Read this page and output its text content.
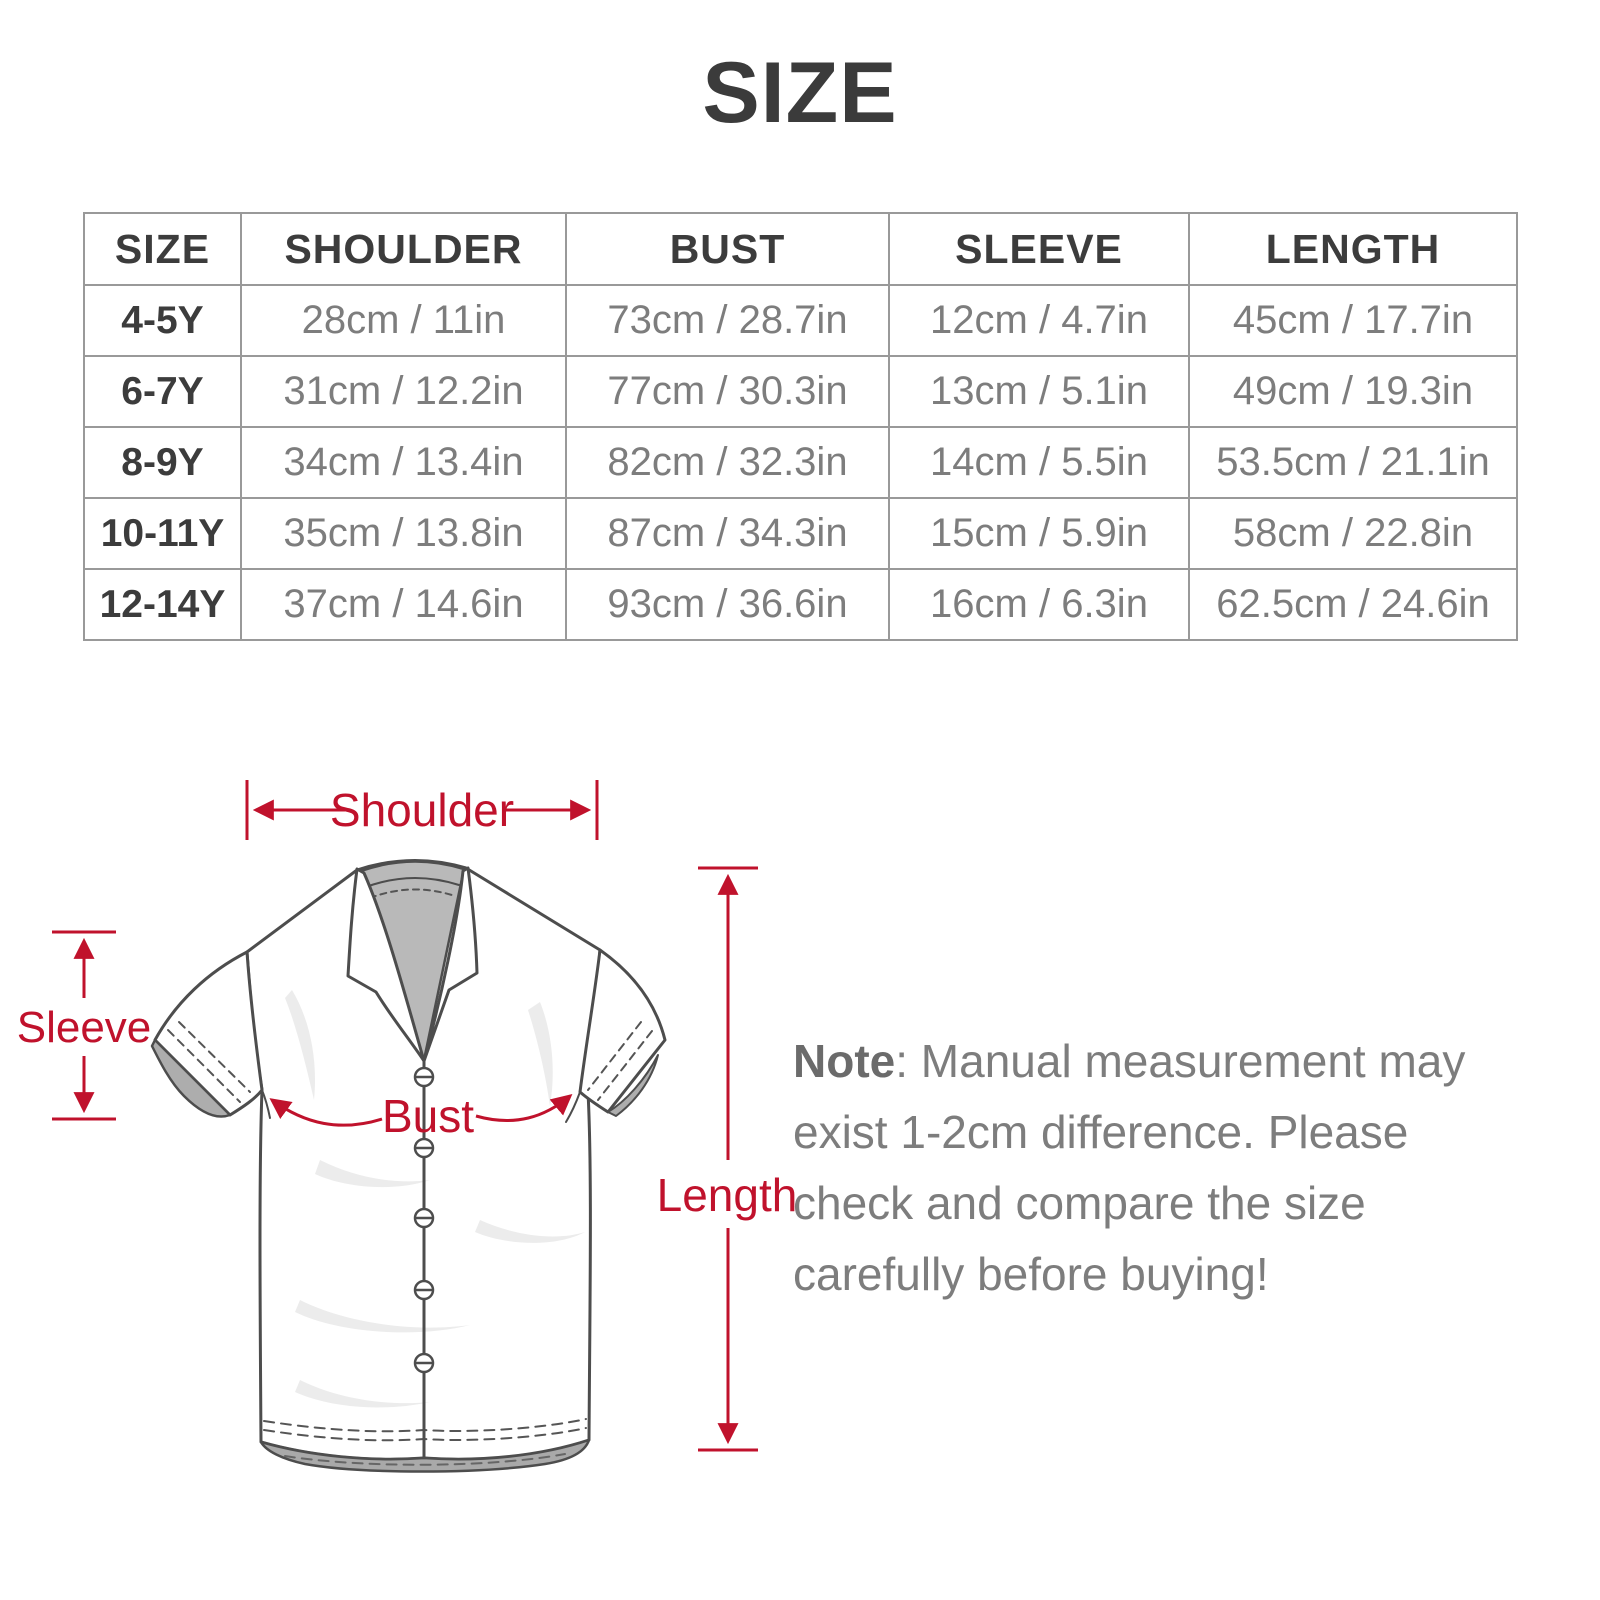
SIZE
SIZE	SHOULDER	BUST	SLEEVE	LENGTH
4-5Y	28cm / 11in	73cm / 28.7in	12cm / 4.7in	45cm / 17.7in
6-7Y	31cm / 12.2in	77cm / 30.3in	13cm / 5.1in	49cm / 19.3in
8-9Y	34cm / 13.4in	82cm / 32.3in	14cm / 5.5in	53.5cm / 21.1in
10-11Y	35cm / 13.8in	87cm / 34.3in	15cm / 5.9in	58cm / 22.8in
12-14Y	37cm / 14.6in	93cm / 36.6in	16cm / 6.3in	62.5cm / 24.6in
Shoulder
Sleeve
Length
Bust

Note: Manual measurement may

exist 1-2cm difference. Please

check and compare the size

carefully before buying!
